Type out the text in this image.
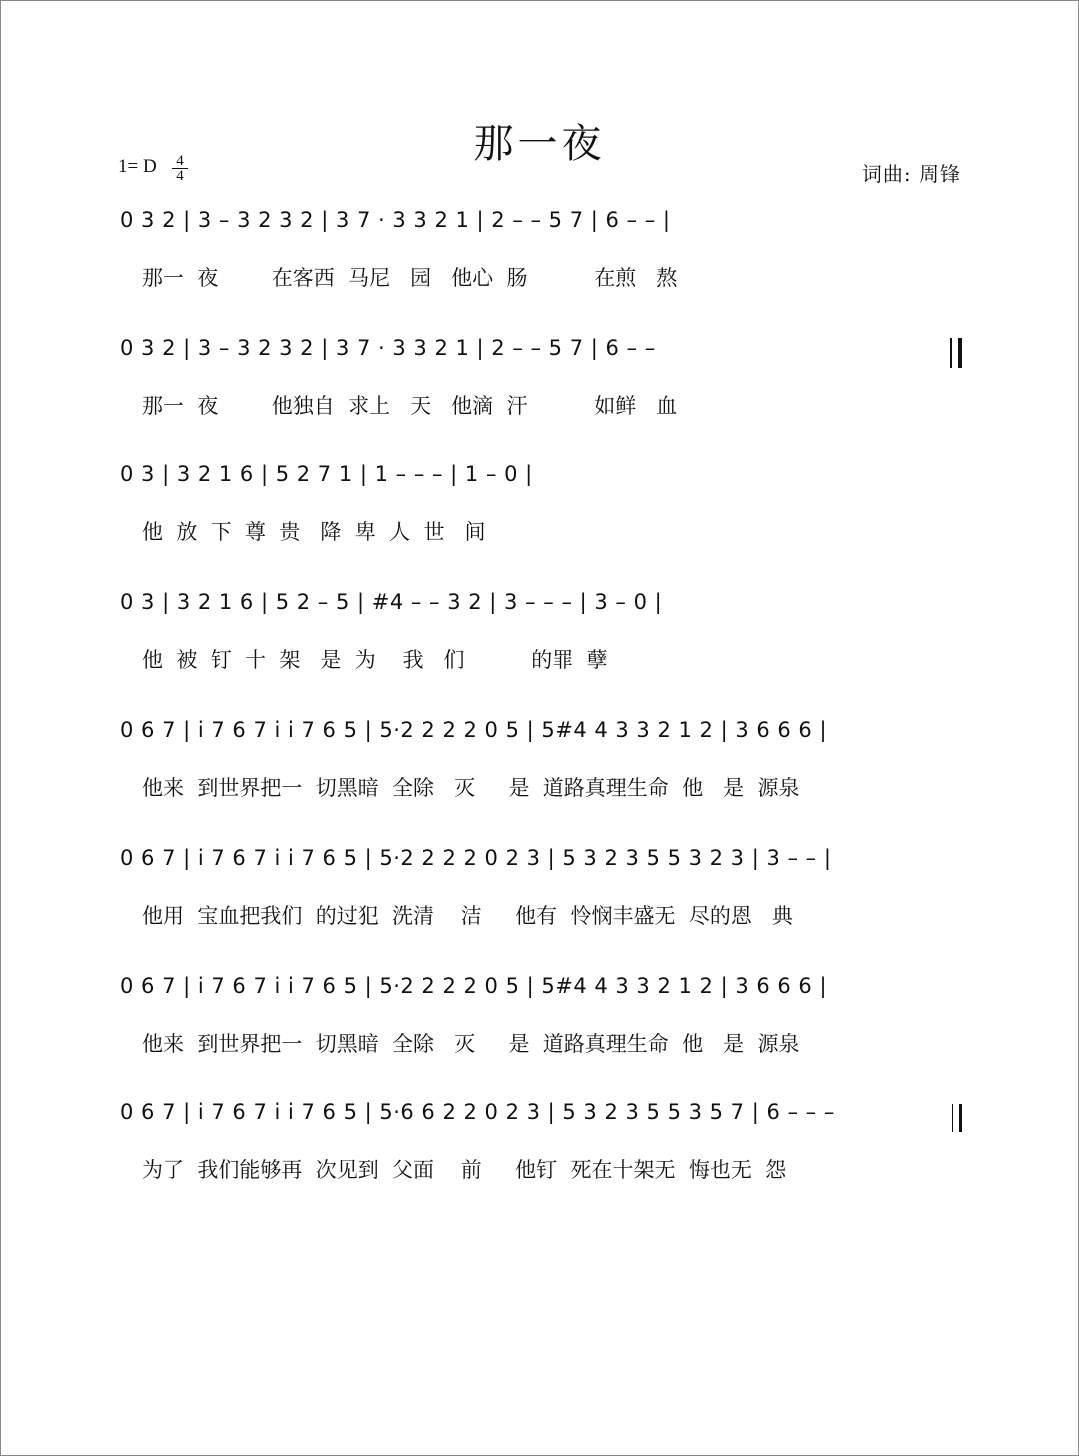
那一夜
1= D 4
4	词曲: 周锋
0 3 2 | 3 – 3 2 3 2 | 3 7 · 3 3 2 1 | 2 – – 5 7 | 6 – – |
那一  夜        在客西  马尼   园   他心  肠          在煎   熬
0 3 2 | 3 – 3 2 3 2 | 3 7 · 3 3 2 1 | 2 – – 5 7 | 6 – –
那一  夜        他独自  求上   天   他滴  汗          如鲜   血
0 3 | 3 2 1 6 | 5 2 7 1 | 1 – – – | 1 – 0 |
他  放  下  尊  贵   降  卑  人  世   间
0 3 | 3 2 1 6 | 5 2 – 5 | #4 – – 3 2 | 3 – – – | 3 – 0 |
他  被  钉  十  架   是  为    我   们          的罪  孽
0 6 7 | i 7 6 7 i i 7 6 5 | 5·2 2 2 2 0 5 | 5#4 4 3 3 2 1 2 | 3 6 6 6 |
他来  到世界把一  切黑暗  全除   灭     是  道路真理生命  他   是  源泉
0 6 7 | i 7 6 7 i i 7 6 5 | 5·2 2 2 2 0 2 3 | 5 3 2 3 5 5 3 2 3 | 3 – – |
他用  宝血把我们  的过犯  洗清    洁     他有  怜悯丰盛无  尽的恩   典
0 6 7 | i 7 6 7 i i 7 6 5 | 5·2 2 2 2 0 5 | 5#4 4 3 3 2 1 2 | 3 6 6 6 |
他来  到世界把一  切黑暗  全除   灭     是  道路真理生命  他   是  源泉
0 6 7 | i 7 6 7 i i 7 6 5 | 5·6 6 2 2 0 2 3 | 5 3 2 3 5 5 3 5 7 | 6 – – –
为了  我们能够再  次见到  父面    前     他钉  死在十架无  悔也无  怨
